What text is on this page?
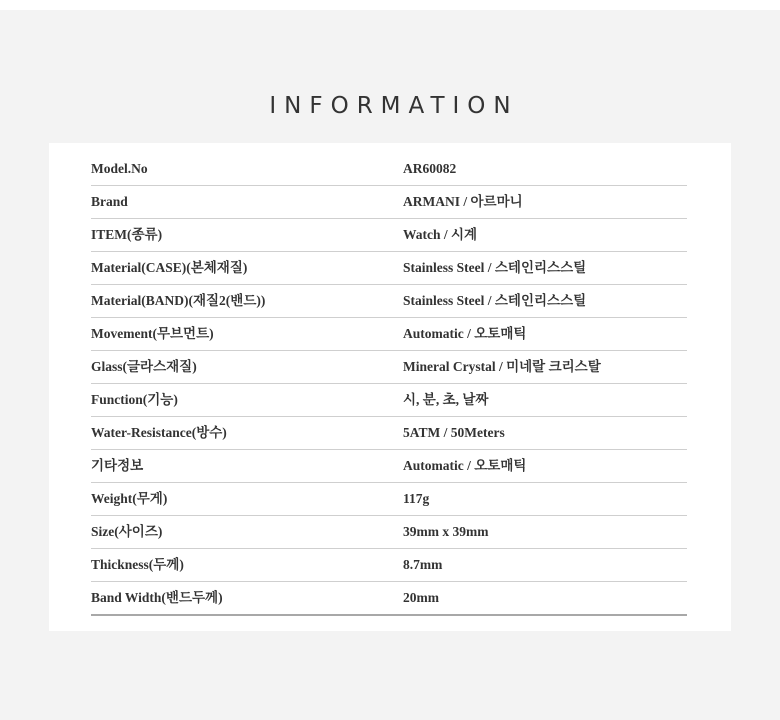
INFORMATION
Model.No	AR60082
Brand	ARMANI / 아르마니
ITEM(종류)	Watch / 시계
Material(CASE)(본체재질)	Stainless Steel / 스테인리스스틸
Material(BAND)(재질2(밴드))	Stainless Steel / 스테인리스스틸
Movement(무브먼트)	Automatic / 오토매틱
Glass(글라스재질)	Mineral Crystal / 미네랄 크리스탈
Function(기능)	시, 분, 초, 날짜
Water-Resistance(방수)	5ATM / 50Meters
기타정보	Automatic / 오토매틱
Weight(무게)	117g
Size(사이즈)	39mm x 39mm
Thickness(두께)	8.7mm
Band Width(밴드두께)	20mm
